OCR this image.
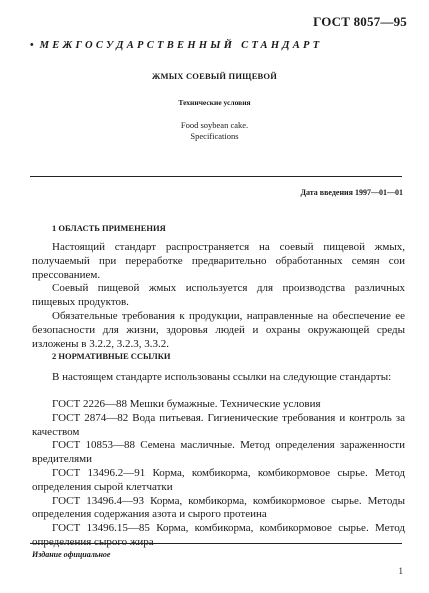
ГОСТ 8057—95
• МЕЖГОСУДАРСТВЕННЫЙ СТАНДАРТ
ЖМЫХ СОЕВЫЙ ПИЩЕВОЙ
Технические условия
Food soybean cake.
Specifications
Дата введения 1997—01—01
1 ОБЛАСТЬ ПРИМЕНЕНИЯ

Настоящий стандарт распространяется на соевый пищевой жмых, получаемый при переработке предварительно обработанных семян сои прессованием.

Соевый пищевой жмых используется для производства различных пищевых продуктов.

Обязательные требования к продукции, направленные на обеспечение ее безопасности для жизни, здоровья людей и охраны окружающей среды изложены в 3.2.2, 3.2.3, 3.3.2.

2 НОРМАТИВНЫЕ ССЫЛКИ

В настоящем стандарте использованы ссылки на следующие стандарты:

ГОСТ 2226—88 Мешки бумажные. Технические условия

ГОСТ 2874—82 Вода питьевая. Гигиенические требования и контроль за качеством

ГОСТ 10853—88 Семена масличные. Метод определения зараженности вредителями

ГОСТ 13496.2—91 Корма, комбикорма, комбикормовое сырье. Метод определения сырой клетчатки

ГОСТ 13496.4—93 Корма, комбикорма, комбикормовое сырье. Методы определения содержания азота и сырого протеина

ГОСТ 13496.15—85 Корма, комбикорма, комбикормовое сырье. Метод определения сырого жира

Издание официальное
1
